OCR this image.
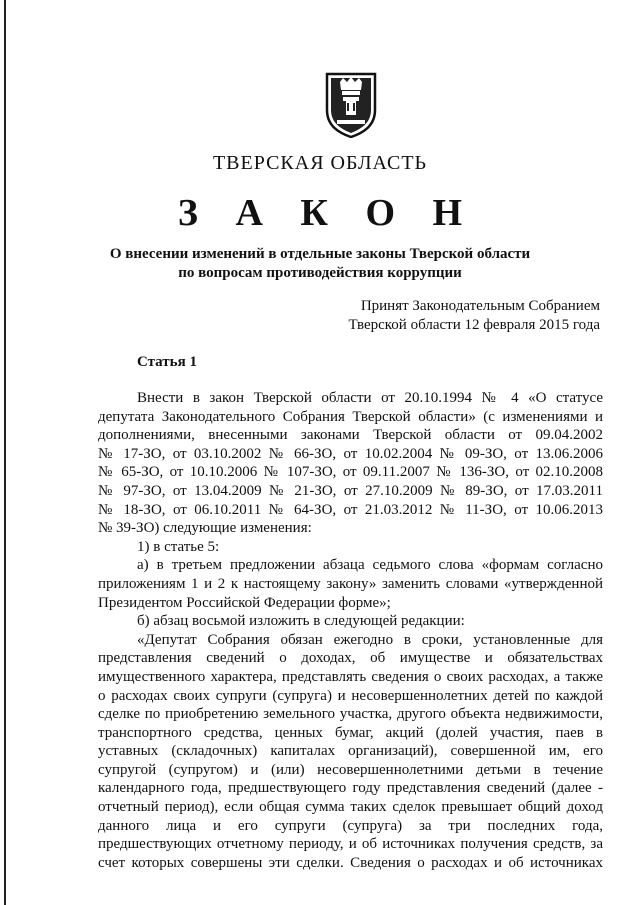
ТВЕРСКАЯ ОБЛАСТЬ
З А К О Н
О внесении изменений в отдельные законы Тверской области
по вопросам противодействия коррупции
Принят Законодательным Собранием
Тверской области 12 февраля 2015 года
Статья 1

Внести в закон Тверской области от 20.10.1994 № 4 «О статусе

депутата Законодательного Собрания Тверской области» (с изменениями и

дополнениями, внесенными законами Тверской области от 09.04.2002

№ 17-ЗО, от 03.10.2002 № 66-ЗО, от 10.02.2004 № 09-ЗО, от 13.06.2006

№ 65-ЗО, от 10.10.2006 № 107-ЗО, от 09.11.2007 № 136-ЗО, от 02.10.2008

№ 97-ЗО, от 13.04.2009 № 21-ЗО, от 27.10.2009 № 89-ЗО, от 17.03.2011

№ 18-ЗО, от 06.10.2011 № 64-ЗО, от 21.03.2012 № 11-ЗО, от 10.06.2013

№ 39-ЗО) следующие изменения:

1) в статье 5:

а) в третьем предложении абзаца седьмого слова «формам согласно

приложениям 1 и 2 к настоящему закону» заменить словами «утвержденной

Президентом Российской Федерации форме»;

б) абзац восьмой изложить в следующей редакции:

«Депутат Собрания обязан ежегодно в сроки, установленные для

представления сведений о доходах, об имуществе и обязательствах

имущественного характера, представлять сведения о своих расходах, а также

о расходах своих супруги (супруга) и несовершеннолетних детей по каждой

сделке по приобретению земельного участка, другого объекта недвижимости,

транспортного средства, ценных бумаг, акций (долей участия, паев в

уставных (складочных) капиталах организаций), совершенной им, его

супругой (супругом) и (или) несовершеннолетними детьми в течение

календарного года, предшествующего году представления сведений (далее -

отчетный период), если общая сумма таких сделок превышает общий доход

данного лица и его супруги (супруга) за три последних года,

предшествующих отчетному периоду, и об источниках получения средств, за

счет которых совершены эти сделки. Сведения о расходах и об источниках
